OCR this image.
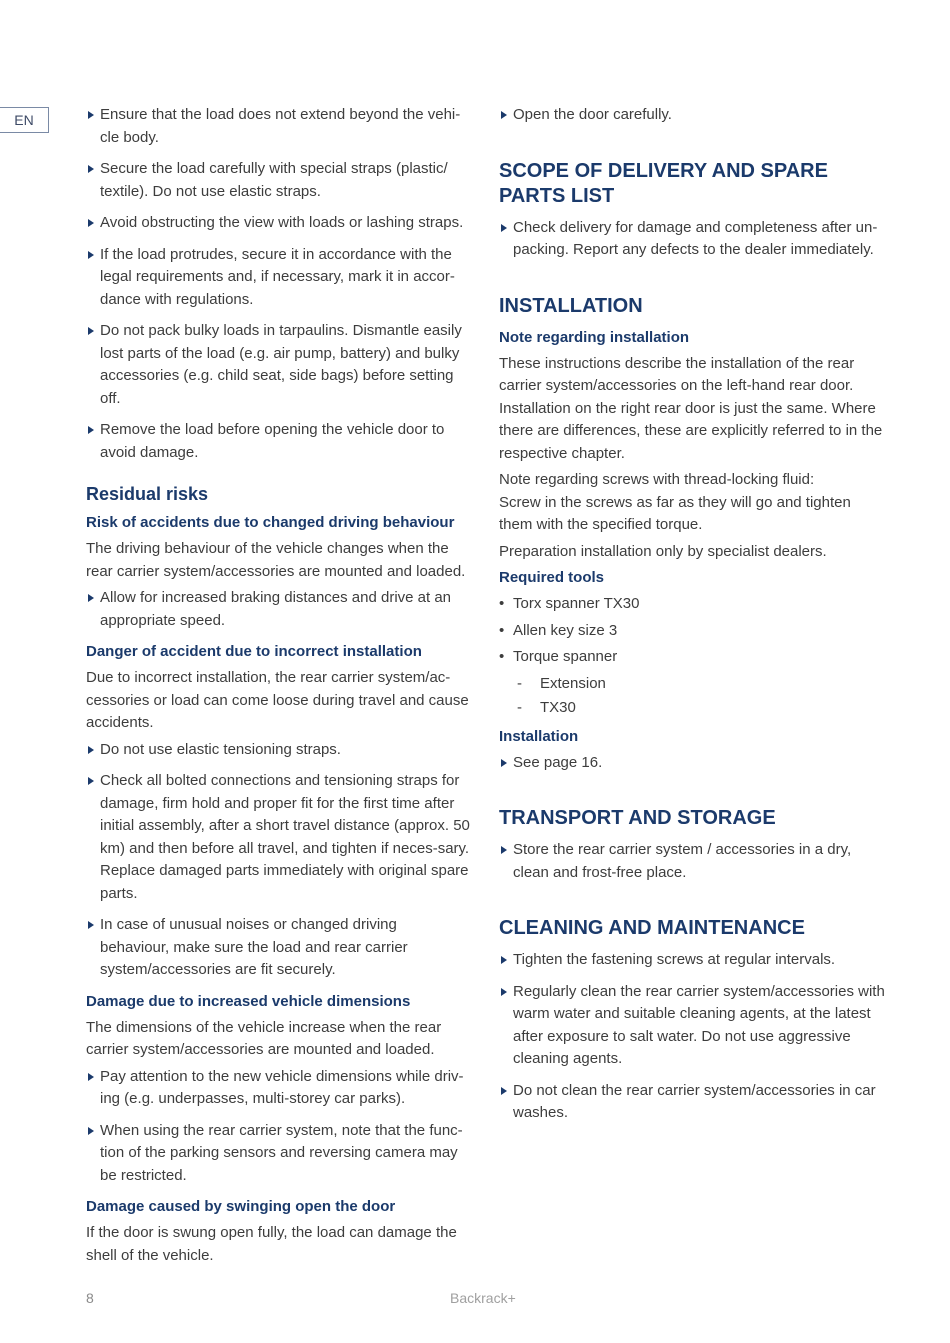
EN	Ensure that the load does not extend beyond the vehi-cle body.
Secure the load carefully with special straps (plastic/ textile). Do not use elastic straps.
Avoid obstructing the view with loads or lashing straps.
If the load protrudes, secure it in accordance with the legal requirements and, if necessary, mark it in accor-dance with regulations.
Do not pack bulky loads in tarpaulins. Dismantle easily lost parts of the load (e.g. air pump, battery) and bulky accessories (e.g. child seat, side bags) before setting off.
Remove the load before opening the vehicle door to avoid damage.
Residual risks
Risk of accidents due to changed driving behaviour

The driving behaviour of the vehicle changes when the rear carrier system/accessories are mounted and loaded.

Allow for increased braking distances and drive at an appropriate speed.
Danger of accident due to incorrect installation

Due to incorrect installation, the rear carrier system/ac-cessories or load can come loose during travel and cause accidents.

Do not use elastic tensioning straps.
Check all bolted connections and tensioning straps for damage, firm hold and proper fit for the first time after initial assembly, after a short travel distance (approx. 50 km) and then before all travel, and tighten if neces-sary. Replace damaged parts immediately with original spare parts.
In case of unusual noises or changed driving behaviour, make sure the load and rear carrier system/accessories are fit securely.
Damage due to increased vehicle dimensions

The dimensions of the vehicle increase when the rear carrier system/accessories are mounted and loaded.

Pay attention to the new vehicle dimensions while driv-ing (e.g. underpasses, multi-storey car parks).
When using the rear carrier system, note that the func-tion of the parking sensors and reversing camera may be restricted.
Damage caused by swinging open the door

If the door is swung open fully, the load can damage the shell of the vehicle.

Open the door carefully.
SCOPE OF DELIVERY AND SPARE PARTS LIST
Check delivery for damage and completeness after un-packing. Report any defects to the dealer immediately.
INSTALLATION
Note regarding installation

These instructions describe the installation of the rear carrier system/accessories on the left-hand rear door. Installation on the right rear door is just the same. Where there are differences, these are explicitly referred to in the respective chapter.

Note regarding screws with thread-locking fluid:

Screw in the screws as far as they will go and tighten them with the specified torque.

Preparation installation only by specialist dealers.

Required tools
• Torx spanner TX30
• Allen key size 3
• Torque spanner
- Extension
- TX30
Installation
See page 16.
TRANSPORT AND STORAGE
Store the rear carrier system / accessories in a dry, clean and frost-free place.
CLEANING AND MAINTENANCE
Tighten the fastening screws at regular intervals.
Regularly clean the rear carrier system/accessories with warm water and suitable cleaning agents, at the latest after exposure to salt water. Do not use aggressive cleaning agents.
Do not clean the rear carrier system/accessories in car washes.
8	Backrack+
